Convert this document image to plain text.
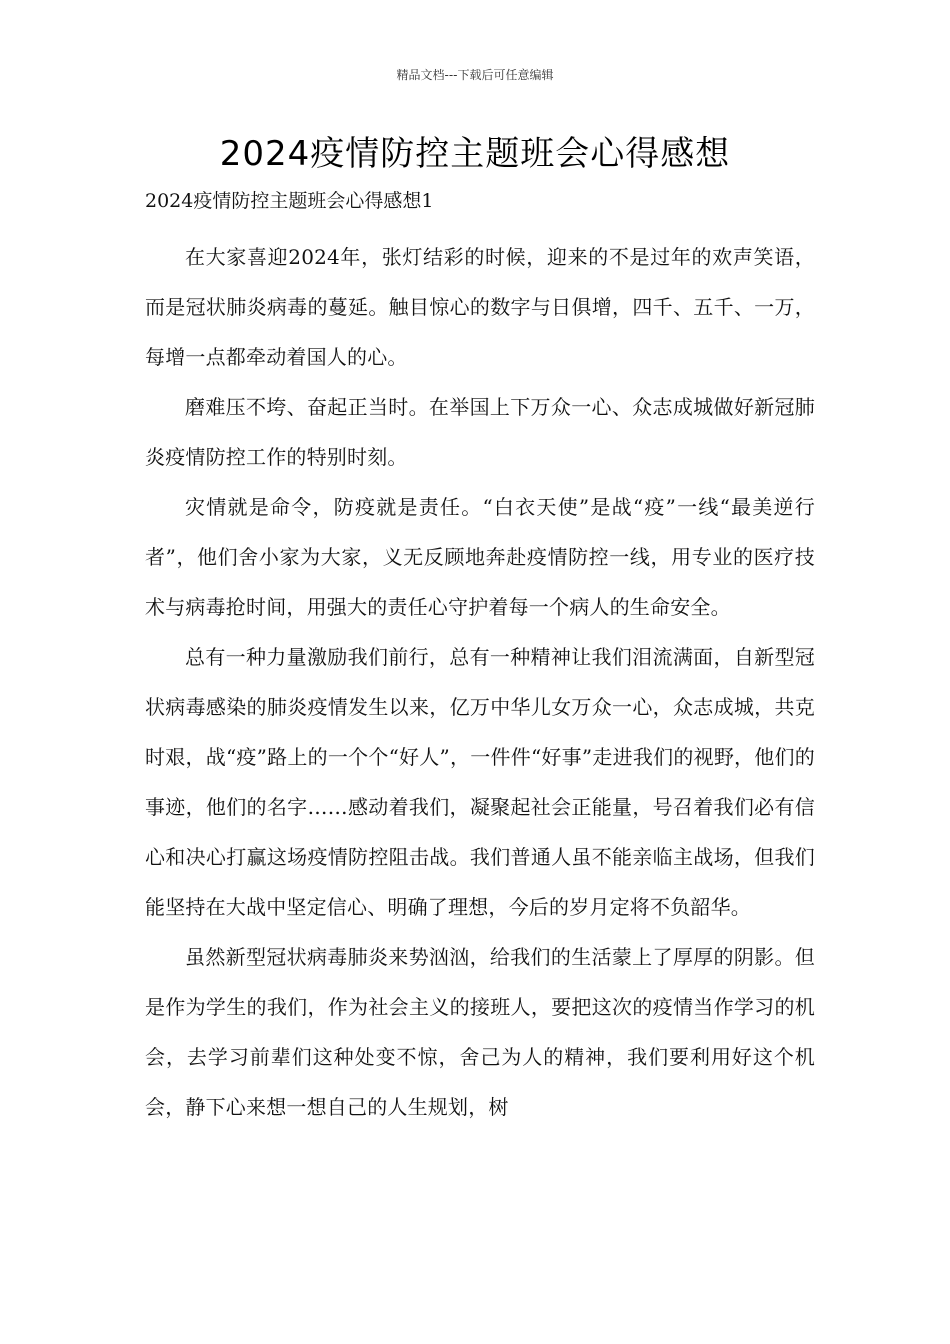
精品文档---下载后可任意编辑
2024疫情防控主题班会心得感想

2024疫情防控主题班会心得感想1

在大家喜迎2024年，张灯结彩的时候，迎来的不是过年的欢声笑语，而是冠状肺炎病毒的蔓延。触目惊心的数字与日俱增，四千、五千、一万，每增一点都牵动着国人的心。

磨难压不垮、奋起正当时。在举国上下万众一心、众志成城做好新冠肺炎疫情防控工作的特别时刻。

灾情就是命令，防疫就是责任。“白衣天使”是战“疫”一线“最美逆行者”，他们舍小家为大家，义无反顾地奔赴疫情防控一线，用专业的医疗技术与病毒抢时间，用强大的责任心守护着每一个病人的生命安全。

总有一种力量激励我们前行，总有一种精神让我们泪流满面，自新型冠状病毒感染的肺炎疫情发生以来，亿万中华儿女万众一心，众志成城，共克时艰，战“疫”路上的一个个“好人”，一件件“好事”走进我们的视野，他们的事迹，他们的名字……感动着我们，凝聚起社会正能量，号召着我们必有信心和决心打赢这场疫情防控阻击战。我们普通人虽不能亲临主战场，但我们能坚持在大战中坚定信心、明确了理想，今后的岁月定将不负韶华。

虽然新型冠状病毒肺炎来势汹汹，给我们的生活蒙上了厚厚的阴影。但是作为学生的我们，作为社会主义的接班人，要把这次的疫情当作学习的机会，去学习前辈们这种处变不惊，舍己为人的精神，我们要利用好这个机会，静下心来想一想自己的人生规划，树
